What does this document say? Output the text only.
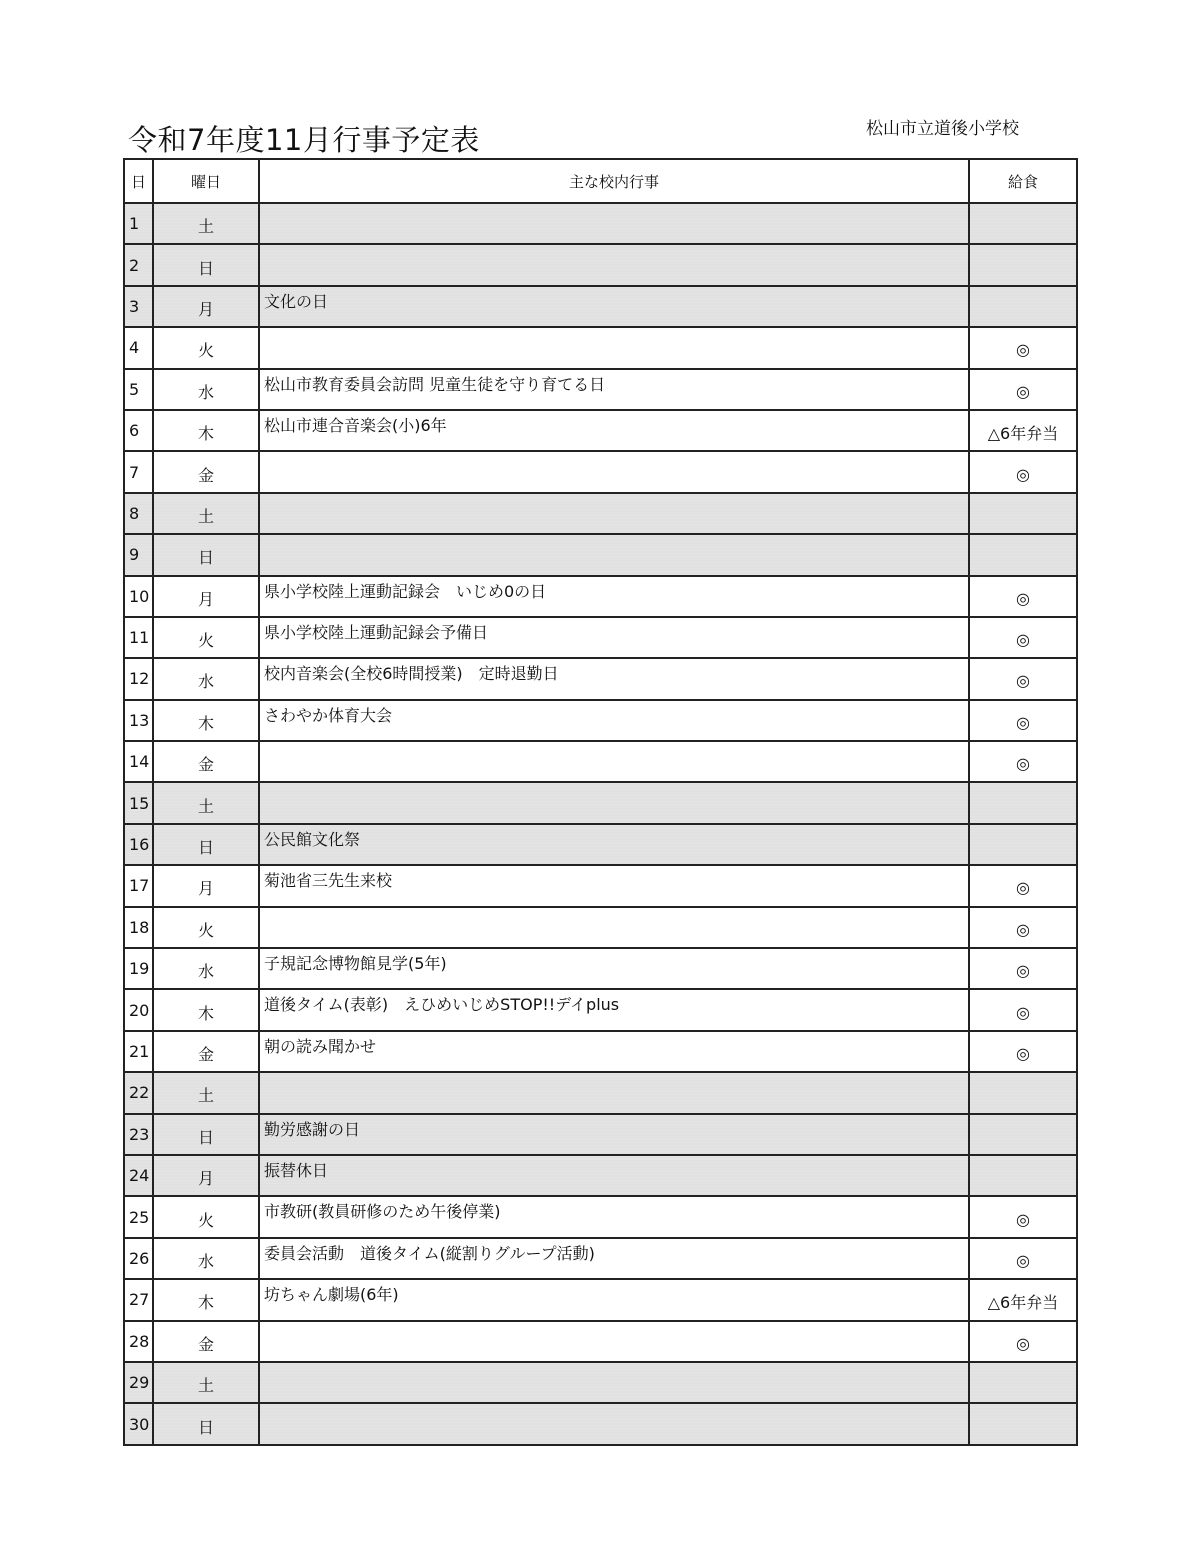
令和7年度11月行事予定表	松山市立道後小学校
日	曜日	主な校内行事	給食
1	土		
2	日		
3	月	文化の日	
4	火		◎
5	水	松山市教育委員会訪問 児童生徒を守り育てる日	◎
6	木	松山市連合音楽会(小)6年	△6年弁当
7	金		◎
8	土		
9	日		
10	月	県小学校陸上運動記録会　いじめ0の日	◎
11	火	県小学校陸上運動記録会予備日	◎
12	水	校内音楽会(全校6時間授業)　定時退勤日	◎
13	木	さわやか体育大会	◎
14	金		◎
15	土		
16	日	公民館文化祭	
17	月	菊池省三先生来校	◎
18	火		◎
19	水	子規記念博物館見学(5年)	◎
20	木	道後タイム(表彰)　えひめいじめSTOP!!デイplus	◎
21	金	朝の読み聞かせ	◎
22	土		
23	日	勤労感謝の日	
24	月	振替休日	
25	火	市教研(教員研修のため午後停業)	◎
26	水	委員会活動　道後タイム(縦割りグループ活動)	◎
27	木	坊ちゃん劇場(6年)	△6年弁当
28	金		◎
29	土		
30	日		
